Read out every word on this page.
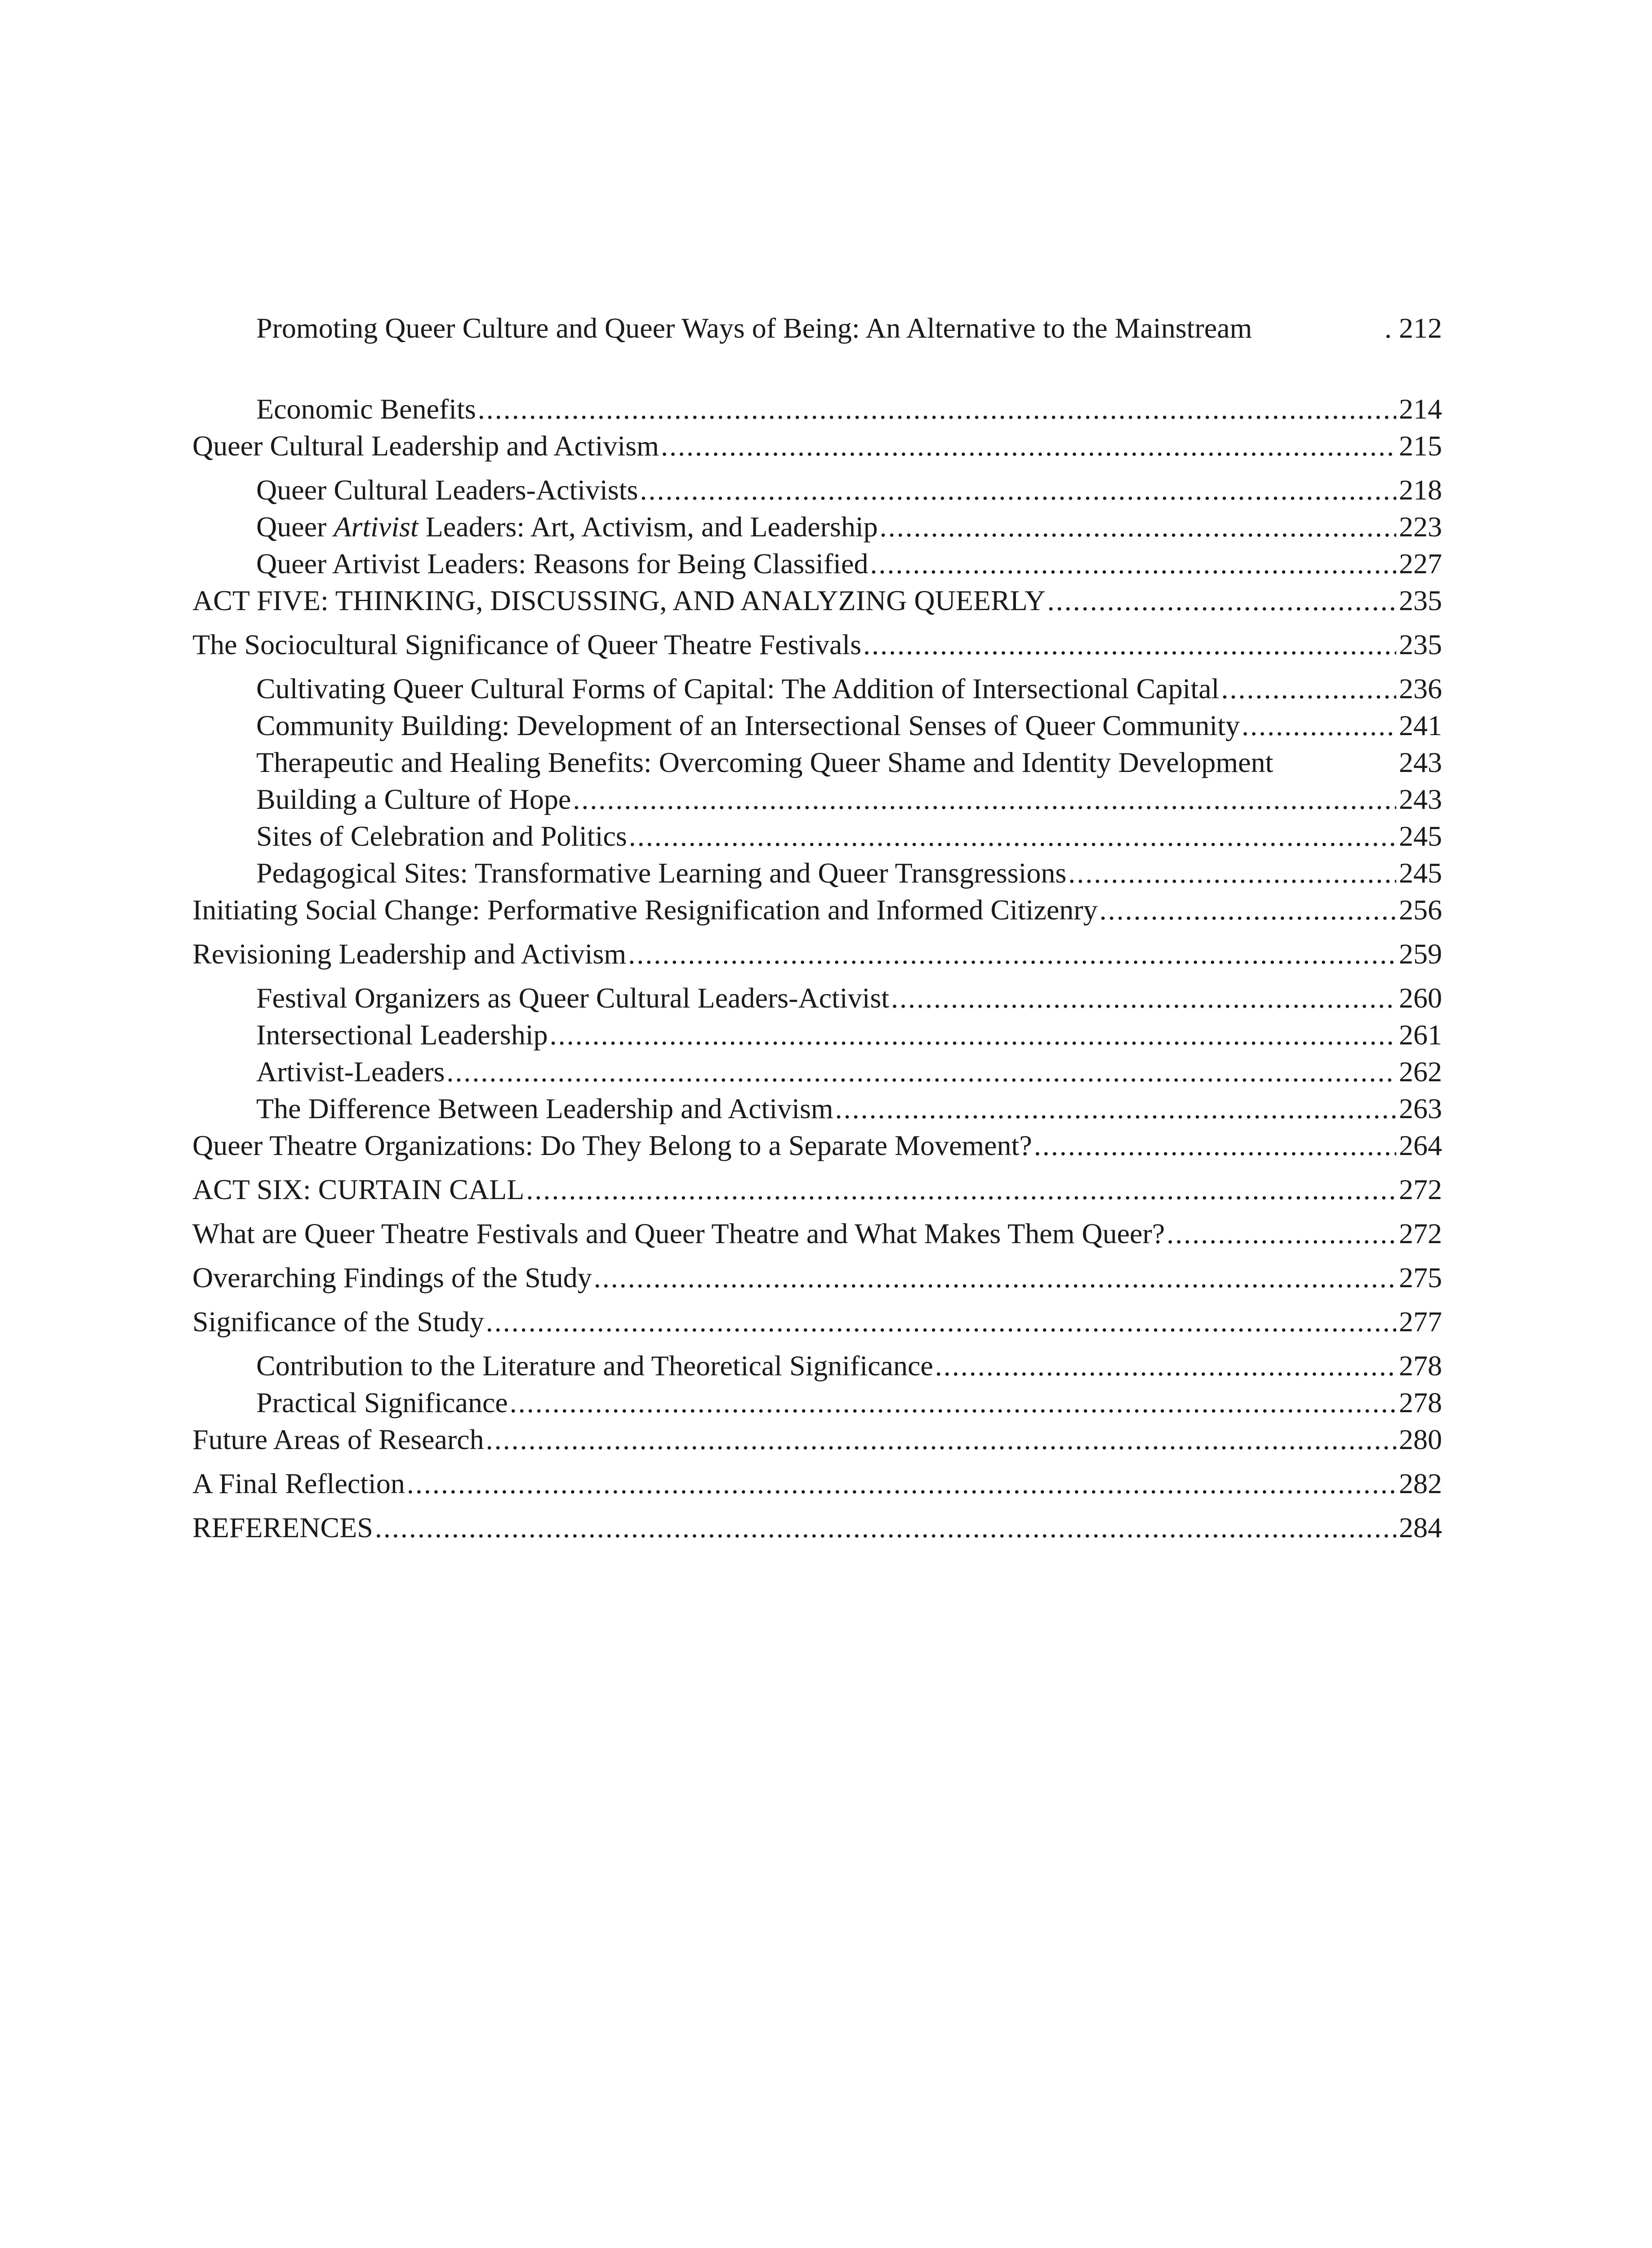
Promoting Queer Culture and Queer Ways of Being: An Alternative to the Mainstream	. 212
Economic Benefits .....	214
Queer Cultural Leadership and Activism .....	215
Queer Cultural Leaders-Activists .....	218
Queer Artivist Leaders: Art, Activism, and Leadership .....	223
Queer Artivist Leaders: Reasons for Being Classified .....	227
ACT FIVE: THINKING, DISCUSSING, AND ANALYZING QUEERLY .....	235
The Sociocultural Significance of Queer Theatre Festivals .....	235
Cultivating Queer Cultural Forms of Capital: The Addition of Intersectional Capital .....	236
Community Building: Development of an Intersectional Senses of Queer Community .....	241
Therapeutic and Healing Benefits: Overcoming Queer Shame and Identity Development	243
Building a Culture of Hope .....	243
Sites of Celebration and Politics .....	245
Pedagogical Sites: Transformative Learning and Queer Transgressions .....	245
Initiating Social Change: Performative Resignification and Informed Citizenry .....	256
Revisioning Leadership and Activism .....	259
Festival Organizers as Queer Cultural Leaders-Activist .....	260
Intersectional Leadership .....	261
Artivist-Leaders .....	262
The Difference Between Leadership and Activism .....	263
Queer Theatre Organizations: Do They Belong to a Separate Movement? .....	264
ACT SIX: CURTAIN CALL .....	272
What are Queer Theatre Festivals and Queer Theatre and What Makes Them Queer? .....	272
Overarching Findings of the Study .....	275
Significance of the Study .....	277
Contribution to the Literature and Theoretical Significance .....	278
Practical Significance .....	278
Future Areas of Research .....	280
A Final Reflection .....	282
REFERENCES .....	284
